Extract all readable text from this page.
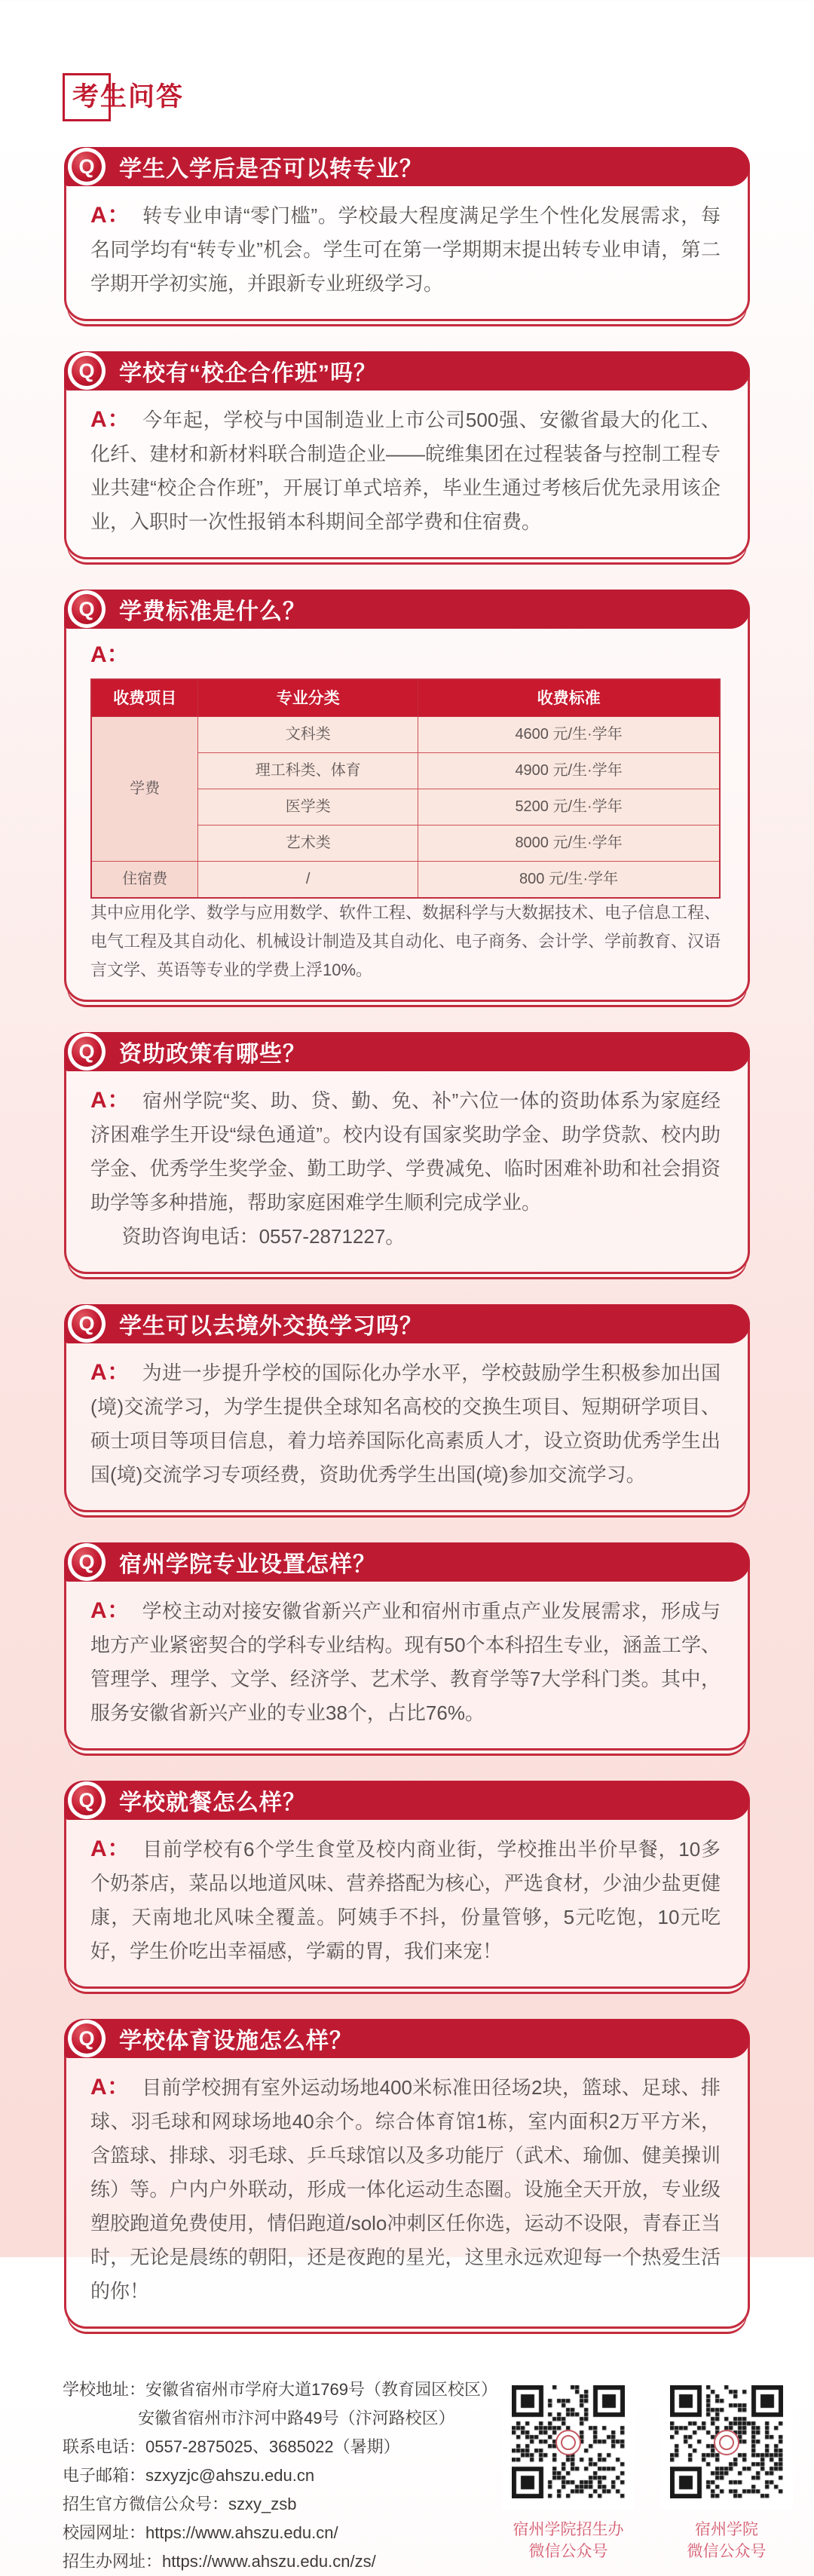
考生问答
Q	学生入学后是否可以转专业？

A： 转专业申请“零门槛”。学校最大程度满足学生个性化发展需求，每名同学均有“转专业”机会。学生可在第一学期期末提出转专业申请，第二学期开学初实施，并跟新专业班级学习。

Q	学校有“校企合作班”吗？

A： 今年起，学校与中国制造业上市公司500强、安徽省最大的化工、化纤、建材和新材料联合制造企业——皖维集团在过程装备与控制工程专业共建“校企合作班”，开展订单式培养，毕业生通过考核后优先录用该企业，入职时一次性报销本科期间全部学费和住宿费。

Q	学费标准是什么？

A：

收费项目	专业分类	收费标准
学费	文科类	4600 元/生·学年
	理工科类、体育	4900 元/生·学年
	医学类	5200 元/生·学年
	艺术类	8000 元/生·学年
住宿费	/	800 元/生·学年

其中应用化学、数学与应用数学、软件工程、数据科学与大数据技术、电子信息工程、电气工程及其自动化、机械设计制造及其自动化、电子商务、会计学、学前教育、汉语言文学、英语等专业的学费上浮10%。

Q	资助政策有哪些？

A： 宿州学院“奖、助、贷、勤、免、补”六位一体的资助体系为家庭经济困难学生开设“绿色通道”。校内设有国家奖助学金、助学贷款、校内助学金、优秀学生奖学金、勤工助学、学费减免、临时困难补助和社会捐资助学等多种措施，帮助家庭困难学生顺利完成学业。

资助咨询电话：0557-2871227。

Q	学生可以去境外交换学习吗？

A： 为进一步提升学校的国际化办学水平，学校鼓励学生积极参加出国(境)交流学习，为学生提供全球知名高校的交换生项目、短期研学项目、硕士项目等项目信息，着力培养国际化高素质人才，设立资助优秀学生出国(境)交流学习专项经费，资助优秀学生出国(境)参加交流学习。

Q	宿州学院专业设置怎样？

A： 学校主动对接安徽省新兴产业和宿州市重点产业发展需求，形成与地方产业紧密契合的学科专业结构。现有50个本科招生专业，涵盖工学、管理学、理学、文学、经济学、艺术学、教育学等7大学科门类。其中，服务安徽省新兴产业的专业38个，占比76%。

Q	学校就餐怎么样？

A： 目前学校有6个学生食堂及校内商业街，学校推出半价早餐，10多个奶茶店，菜品以地道风味、营养搭配为核心，严选食材，少油少盐更健康，天南地北风味全覆盖。阿姨手不抖，份量管够，5元吃饱，10元吃好，学生价吃出幸福感，学霸的胃，我们来宠！

Q	学校体育设施怎么样？

A： 目前学校拥有室外运动场地400米标准田径场2块，篮球、足球、排球、羽毛球和网球场地40余个。综合体育馆1栋，室内面积2万平方米，含篮球、排球、羽毛球、乒乓球馆以及多功能厅（武术、瑜伽、健美操训练）等。户内户外联动，形成一体化运动生态圈。设施全天开放，专业级塑胶跑道免费使用，情侣跑道/solo冲刺区任你选，运动不设限，青春正当时，无论是晨练的朝阳，还是夜跑的星光，这里永远欢迎每一个热爱生活的你！

学校地址：安徽省宿州市学府大道1769号（教育园区校区）
安徽省宿州市汴河中路49号（汴河路校区）
联系电话：0557-2875025、3685022（暑期）
电子邮箱：szxyzjc@ahszu.edu.cn
招生官方微信公众号：szxy_zsb
校园网址：https://www.ahszu.edu.cn/
招生办网址：https://www.ahszu.edu.cn/zs/
宿州学院招生办
微信公众号
宿州学院
微信公众号
